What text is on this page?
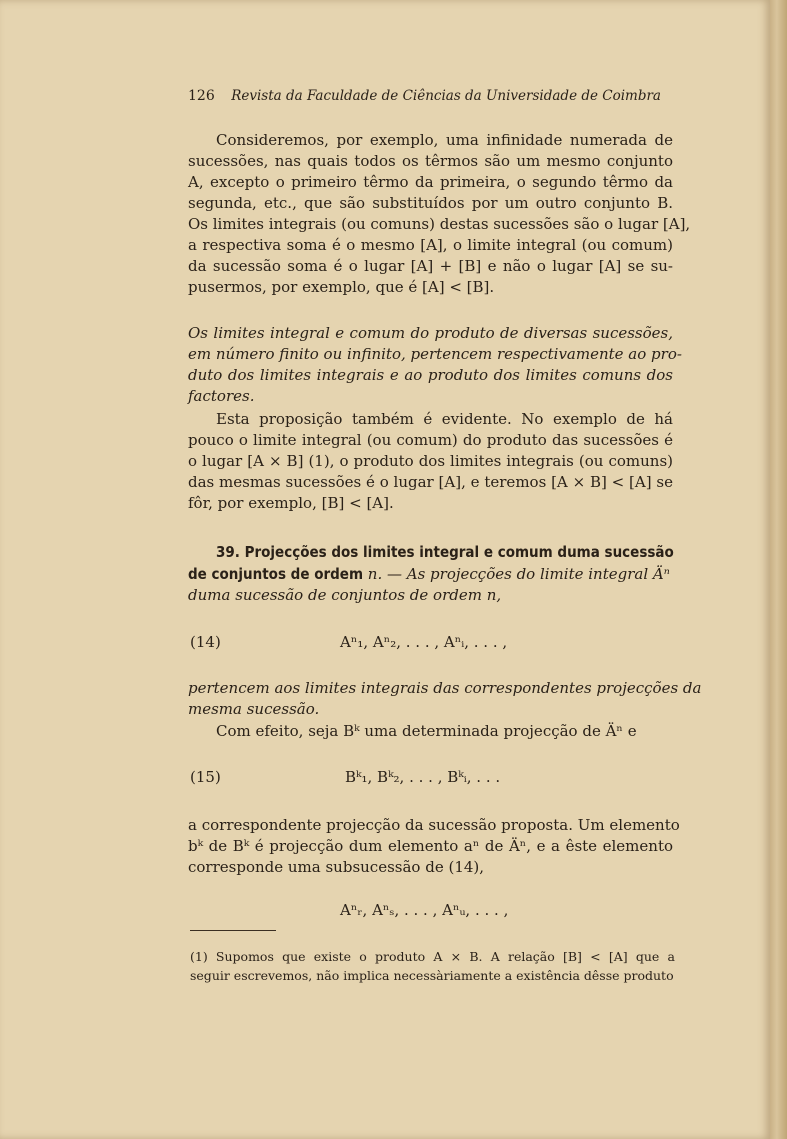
126 Revista da Faculdade de Ciências da Universidade de Coimbra
Consideremos, por exemplo, uma infinidade numerada de
sucessões, nas quais todos os têrmos são um mesmo conjunto
A, excepto o primeiro têrmo da primeira, o segundo têrmo da
segunda, etc., que são substituídos por um outro conjunto B.
Os limites integrais (ou comuns) destas sucessões são o lugar [A],
a respectiva soma é o mesmo [A], o limite integral (ou comum)
da sucessão soma é o lugar [A] + [B] e não o lugar [A] se su-
pusermos, por exemplo, que é [A] < [B].
Os limites integral e comum do produto de diversas sucessões,
em número finito ou infinito, pertencem respectivamente ao pro-
duto dos limites integrais e ao produto dos limites comuns dos
factores.
Esta proposição também é evidente. No exemplo de há
pouco o limite integral (ou comum) do produto das sucessões é
o lugar [A × B] (1), o produto dos limites integrais (ou comuns)
das mesmas sucessões é o lugar [A], e teremos [A × B] < [A] se
fôr, por exemplo, [B] < [A].
39. Projecções dos limites integral e comum duma sucessão
de conjuntos de ordem n. — As projecções do limite integral Äⁿ
duma sucessão de conjuntos de ordem n,
(14)	Aⁿ₁, Aⁿ₂, . . . , Aⁿᵢ, . . . ,
pertencem aos limites integrais das correspondentes projecções da
mesma sucessão.
Com efeito, seja Bᵏ uma determinada projecção de Äⁿ e
(15)	Bᵏ₁, Bᵏ₂, . . . , Bᵏᵢ, . . .
a correspondente projecção da sucessão proposta. Um elemento
bᵏ de Bᵏ é projecção dum elemento aⁿ de Äⁿ, e a êste elemento
corresponde uma subsucessão de (14),
Aⁿᵣ, Aⁿₛ, . . . , Aⁿᵤ, . . . ,
(1) Supomos que existe o produto A × B. A relação [B] < [A] que a
seguir escrevemos, não implica necessàriamente a existência dêsse produto
